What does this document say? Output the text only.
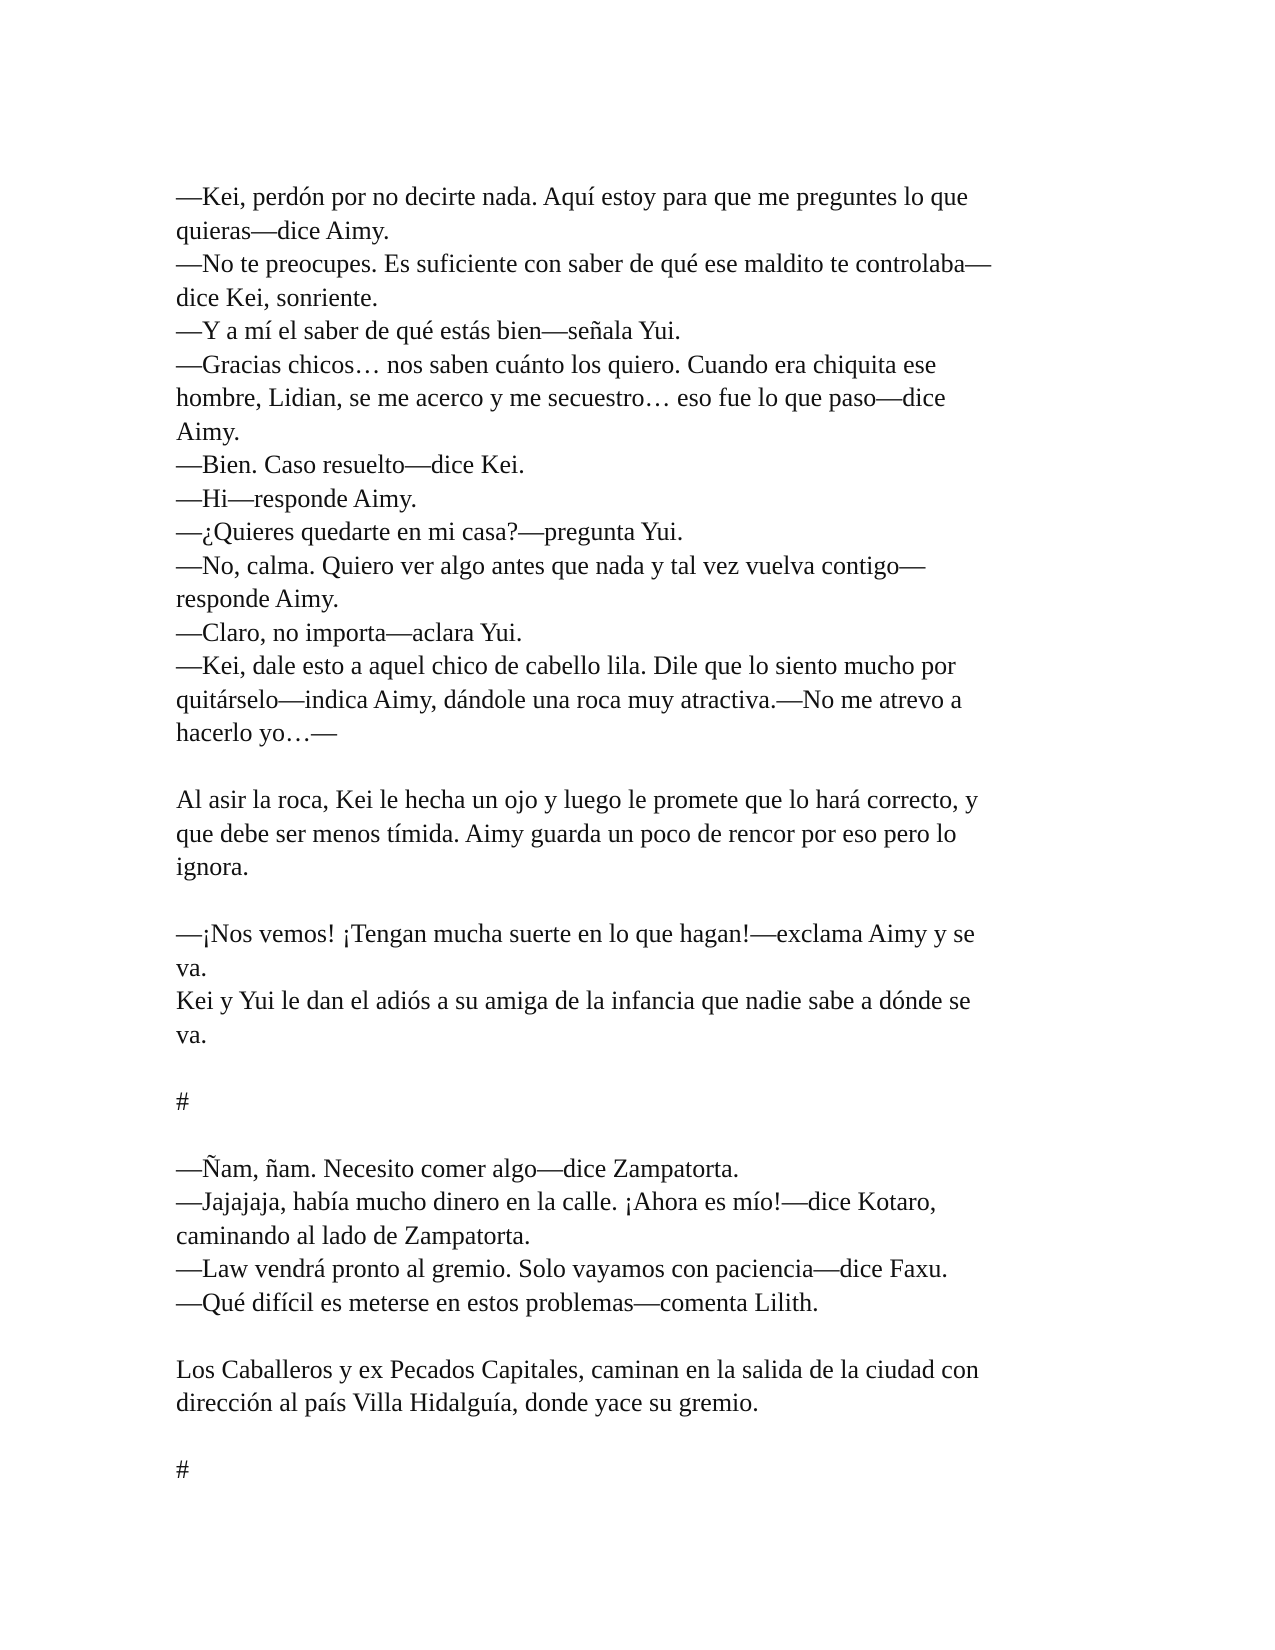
—Kei, perdón por no decirte nada. Aquí estoy para que me preguntes lo que
quieras—dice Aimy.
—No te preocupes. Es suficiente con saber de qué ese maldito te controlaba—
dice Kei, sonriente.
—Y a mí el saber de qué estás bien—señala Yui.
—Gracias chicos… nos saben cuánto los quiero. Cuando era chiquita ese
hombre, Lidian, se me acerco y me secuestro… eso fue lo que paso—dice
Aimy.
—Bien. Caso resuelto—dice Kei.
—Hi—responde Aimy.
—¿Quieres quedarte en mi casa?—pregunta Yui.
—No, calma. Quiero ver algo antes que nada y tal vez vuelva contigo—
responde Aimy.
—Claro, no importa—aclara Yui.
—Kei, dale esto a aquel chico de cabello lila. Dile que lo siento mucho por
quitárselo—indica Aimy, dándole una roca muy atractiva.—No me atrevo a
hacerlo yo…—
Al asir la roca, Kei le hecha un ojo y luego le promete que lo hará correcto, y
que debe ser menos tímida. Aimy guarda un poco de rencor por eso pero lo
ignora.
—¡Nos vemos! ¡Tengan mucha suerte en lo que hagan!—exclama Aimy y se
va.
Kei y Yui le dan el adiós a su amiga de la infancia que nadie sabe a dónde se
va.
#
—Ñam, ñam. Necesito comer algo—dice Zampatorta.
—Jajajaja, había mucho dinero en la calle. ¡Ahora es mío!—dice Kotaro,
caminando al lado de Zampatorta.
—Law vendrá pronto al gremio. Solo vayamos con paciencia—dice Faxu.
—Qué difícil es meterse en estos problemas—comenta Lilith.
Los Caballeros y ex Pecados Capitales, caminan en la salida de la ciudad con
dirección al país Villa Hidalguía, donde yace su gremio.
#
